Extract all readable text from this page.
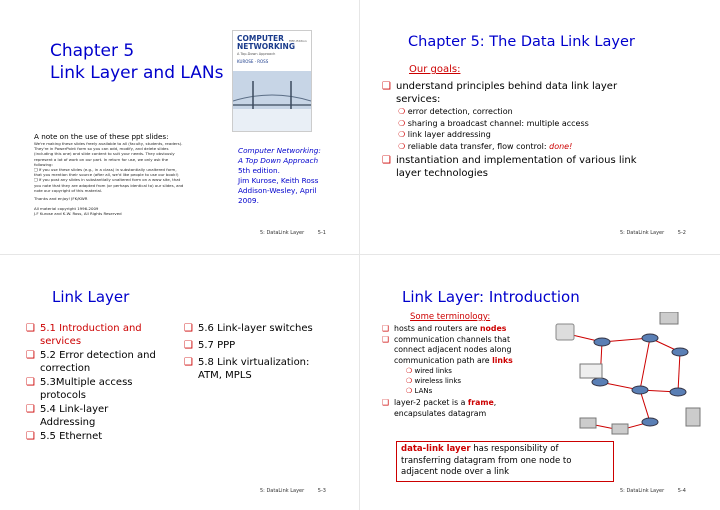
Chapter 5
Link Layer and LANs
COMPUTER
NETWORKING
Fifth Edition
A Top-Down Approach
KUROSE · ROSS
A note on the use of these ppt slides:
We're making these slides freely available to all (faculty, students, readers).
They're in PowerPoint form so you can add, modify, and delete slides
(including this one) and slide content to suit your needs. They obviously
represent a lot of work on our part. In return for use, we only ask the
following:
❑ If you use these slides (e.g., in a class) in substantially unaltered form,
that you mention their source (after all, we'd like people to use our book!)
❑ If you post any slides in substantially unaltered form on a www site, that
you note that they are adapted from (or perhaps identical to) our slides, and
note our copyright of this material.
Thanks and enjoy! JFK/KWR
All material copyright 1996-2009
J.F Kurose and K.W. Ross, All Rights Reserved
Computer Networking:
A Top Down Approach
5th edition.
Jim Kurose, Keith Ross
Addison-Wesley, April
2009.
5: DataLink Layer	5-1
Chapter 5: The Data Link Layer
Our goals:
❑ understand principles behind data link layer services:
❍ error detection, correction
❍ sharing a broadcast channel: multiple access
❍ link layer addressing
❍ reliable data transfer, flow control: done!
❑ instantiation and implementation of various link layer technologies
5: DataLink Layer	5-2
Link Layer
❑ 5.1 Introduction and services
❑ 5.2 Error detection and correction
❑ 5.3Multiple access protocols
❑ 5.4 Link-layer Addressing
❑ 5.5 Ethernet
❑ 5.6 Link-layer switches
❑ 5.7 PPP
❑ 5.8 Link virtualization: ATM, MPLS
5: DataLink Layer	5-3
Link Layer: Introduction
Some terminology:
❑ hosts and routers are nodes
❑ communication channels that connect adjacent nodes along communication path are links
❍ wired links
❍ wireless links
❍ LANs
❑ layer-2 packet is a frame, encapsulates datagram
data-link layer has responsibility of transferring datagram from one node to adjacent node over a link
5: DataLink Layer	5-4
